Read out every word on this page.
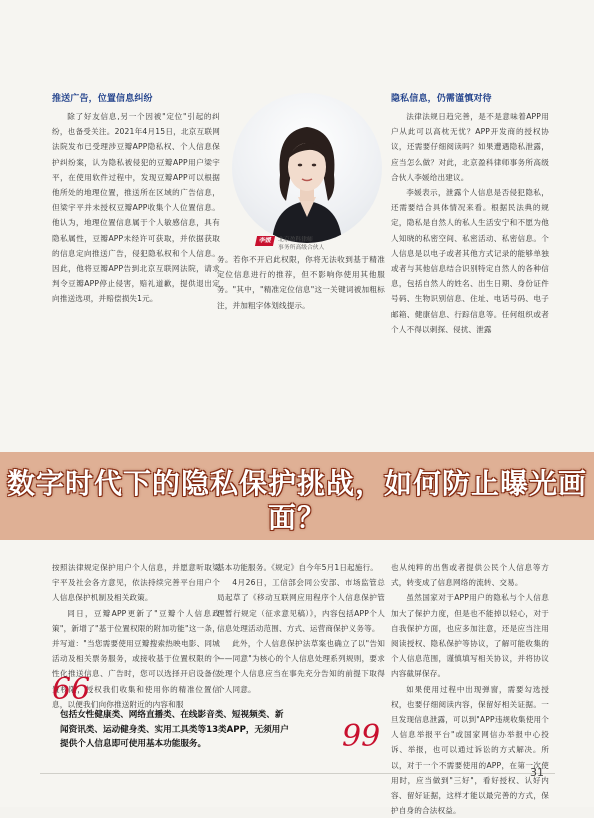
推送广告，位置信息纠纷

除了好友信息,另一个因被"定位"引起的纠纷，也备受关注。2021年4月15日，北京互联网法院发布已受理涉豆瓣APP隐私权、个人信息保护纠纷案，认为隐私被侵犯的豆瓣APP用户梁宇平，在使用软件过程中，发现豆瓣APP可以根据他所处的地理位置，推送所在区域的广告信息，但梁宇平并未授权豆瓣APP收集个人位置信息。他认为，地理位置信息属于个人敏感信息，具有隐私属性，豆瓣APP未经许可获取，并依据获取的信息定向推送广告，侵犯隐私权和个人信息。因此，他将豆瓣APP告到北京互联网法院，请求判令豆瓣APP停止侵害，赔礼道歉，提供退出定向推送选项，并赔偿损失1元。

按照法律规定保护用户个人信息，并愿意听取梁宇平及社会各方意见，依法持续完善平台用户个人信息保护机制及相关政策。

同日，豆瓣APP更新了"豆瓣个人信息政策"，新增了"基于位置权限的附加功能"这一条，并写道："当您需要使用豆瓣搜索热映电影、同城活动及相关票务服务，或接收基于位置权限的个性化推送信息、广告时，您可以选择开启设备位置权限，授权我们收集和使用你的精准位置信息，以便我们向你推送附近的内容和服

李媛	北京盈科律师
事务所高级合伙人

务。若你不开启此权限，你将无法收到基于精准定位信息进行的推荐，但不影响你使用其他服务。"其中，"精准定位信息"这一关键词被加粗标注，并加粗字体划线提示。

基本功能服务。《规定》自今年5月1日起施行。

4月26日，工信部会同公安部、市场监管总局起草了《移动互联网应用程序个人信息保护管理暂行规定（征求意见稿）》，内容包括APP个人信息处理活动范围、方式、运营商保护义务等。

此外，个人信息保护法草案也确立了以"告知——同意"为核心的个人信息处理系列规则，要求处理个人信息应当在事先充分告知的前提下取得个人同意。

隐私信息，仍需谨慎对待

法律法规日趋完善，是不是意味着APP用户从此可以高枕无忧？APP开发商的授权协议，还需要仔细阅读吗？如果遭遇隐私泄露，应当怎么做？对此，北京盈科律师事务所高级合伙人李媛给出建议。

李媛表示，泄露个人信息是否侵犯隐私，还需要结合具体情况来看。根据民法典的规定，隐私是自然人的私人生活安宁和不愿为他人知晓的私密空间、私密活动、私密信息。个人信息是以电子或者其他方式记录的能够单独或者与其他信息结合识别特定自然人的各种信息，包括自然人的姓名、出生日期、身份证件号码、生物识别信息、住址、电话号码、电子邮箱、健康信息、行踪信息等。任何组织或者个人不得以刺探、侵扰、泄露

也从纯粹的出售或者提供公民个人信息等方式，转变成了信息网络的流转、交易。

虽然国家对于APP用户的隐私与个人信息加大了保护力度，但是也不能掉以轻心，对于自我保护方面，也应多加注意，还是应当注用阅读授权、隐私保护等协议，了解可能收集的个人信息范围，谨慎填写相关协议，并将协议内容截屏保存。

如果使用过程中出现弹窗，需要勾选授权，也要仔细阅读内容，保留好相关证据。一旦发现信息泄露，可以到"APP违规收集使用个人信息举报平台"或国家网信办举报中心投诉、举报，也可以通过诉讼的方式解决。所以，对于一个不需要使用的APP，在第一次使用时，应当做到"三好"，看好授权、认好内容、留好证据，这样才能以最完善的方式，保护自身的合法权益。

数字时代下的隐私保护挑战，如何防止曝光画面？
66
包括女性健康类、网络直播类、在线影音类、短视频类、新闻资讯类、运动健身类、实用工具类等13类APP，无须用户提供个人信息即可使用基本功能服务。	99
31
